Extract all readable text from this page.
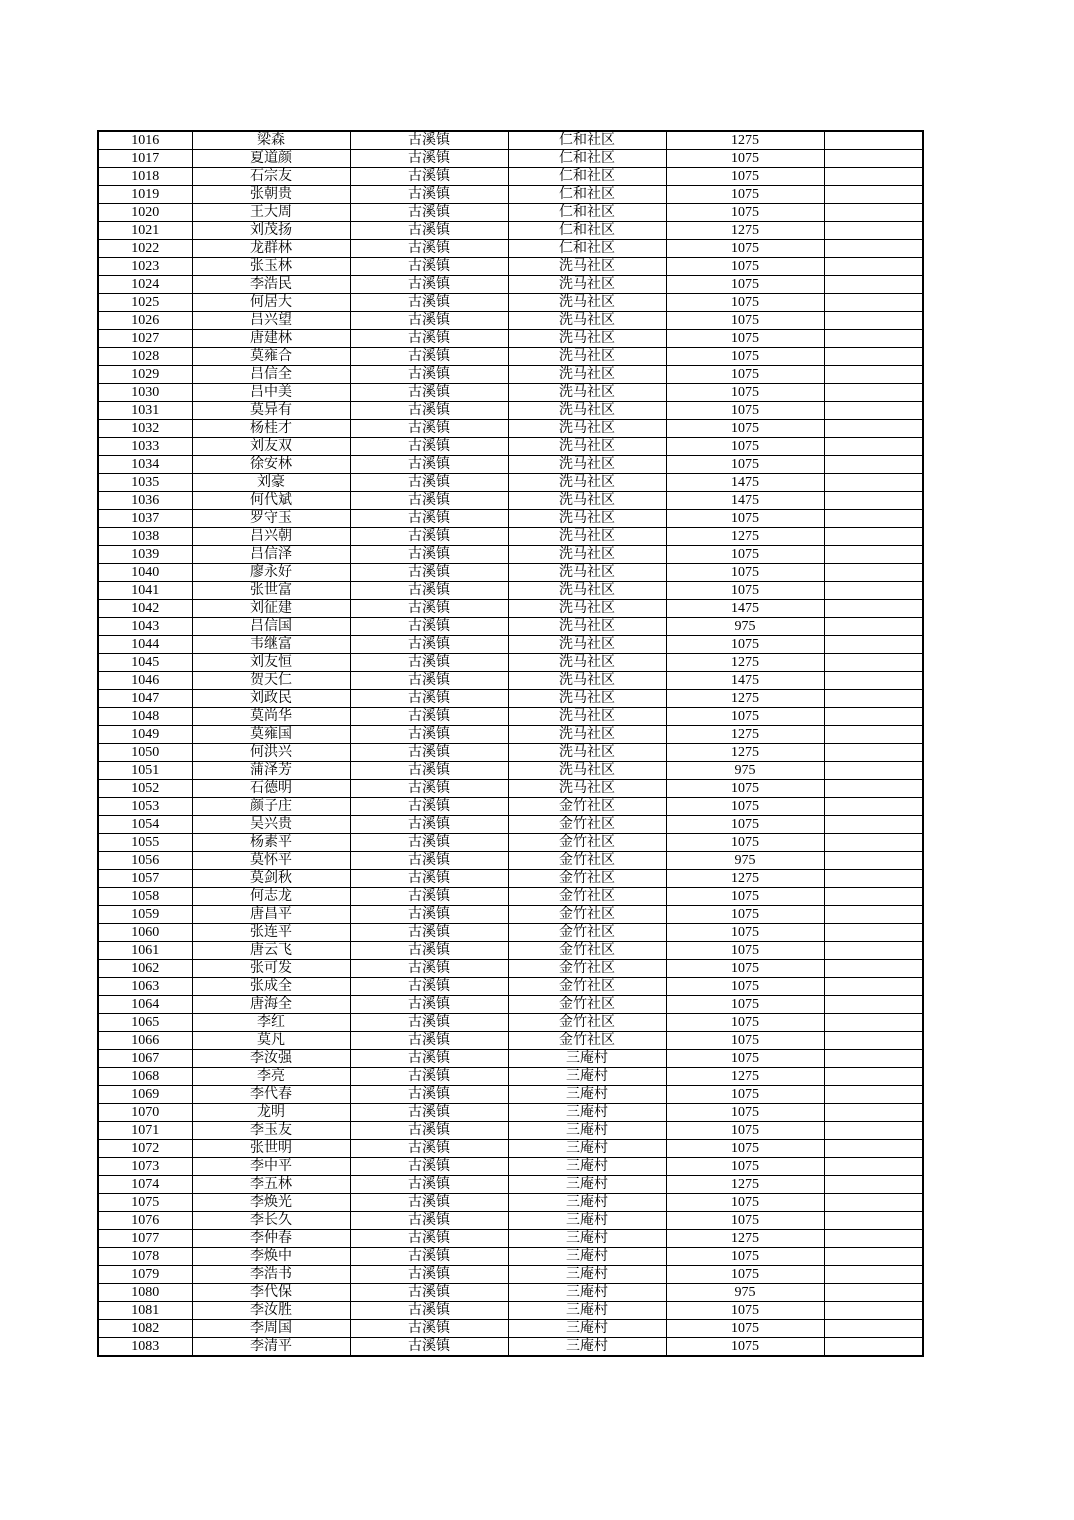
1016	梁森	古溪镇	仁和社区	1275	
1017	夏道颜	古溪镇	仁和社区	1075	
1018	石宗友	古溪镇	仁和社区	1075	
1019	张朝贵	古溪镇	仁和社区	1075	
1020	王大周	古溪镇	仁和社区	1075	
1021	刘茂扬	古溪镇	仁和社区	1275	
1022	龙群林	古溪镇	仁和社区	1075	
1023	张玉林	古溪镇	洗马社区	1075	
1024	李浩民	古溪镇	洗马社区	1075	
1025	何居大	古溪镇	洗马社区	1075	
1026	吕兴望	古溪镇	洗马社区	1075	
1027	唐建林	古溪镇	洗马社区	1075	
1028	莫雍合	古溪镇	洗马社区	1075	
1029	吕信全	古溪镇	洗马社区	1075	
1030	吕中美	古溪镇	洗马社区	1075	
1031	莫异有	古溪镇	洗马社区	1075	
1032	杨桂才	古溪镇	洗马社区	1075	
1033	刘友双	古溪镇	洗马社区	1075	
1034	徐安林	古溪镇	洗马社区	1075	
1035	刘豪	古溪镇	洗马社区	1475	
1036	何代斌	古溪镇	洗马社区	1475	
1037	罗守玉	古溪镇	洗马社区	1075	
1038	吕兴朝	古溪镇	洗马社区	1275	
1039	吕信泽	古溪镇	洗马社区	1075	
1040	廖永好	古溪镇	洗马社区	1075	
1041	张世富	古溪镇	洗马社区	1075	
1042	刘征建	古溪镇	洗马社区	1475	
1043	吕信国	古溪镇	洗马社区	975	
1044	韦继富	古溪镇	洗马社区	1075	
1045	刘友恒	古溪镇	洗马社区	1275	
1046	贺天仁	古溪镇	洗马社区	1475	
1047	刘政民	古溪镇	洗马社区	1275	
1048	莫尚华	古溪镇	洗马社区	1075	
1049	莫雍国	古溪镇	洗马社区	1275	
1050	何洪兴	古溪镇	洗马社区	1275	
1051	蒲泽芳	古溪镇	洗马社区	975	
1052	石德明	古溪镇	洗马社区	1075	
1053	颜子庄	古溪镇	金竹社区	1075	
1054	吴兴贵	古溪镇	金竹社区	1075	
1055	杨素平	古溪镇	金竹社区	1075	
1056	莫怀平	古溪镇	金竹社区	975	
1057	莫剑秋	古溪镇	金竹社区	1275	
1058	何志龙	古溪镇	金竹社区	1075	
1059	唐昌平	古溪镇	金竹社区	1075	
1060	张连平	古溪镇	金竹社区	1075	
1061	唐云飞	古溪镇	金竹社区	1075	
1062	张可发	古溪镇	金竹社区	1075	
1063	张成全	古溪镇	金竹社区	1075	
1064	唐海全	古溪镇	金竹社区	1075	
1065	李红	古溪镇	金竹社区	1075	
1066	莫凡	古溪镇	金竹社区	1075	
1067	李汝强	古溪镇	三庵村	1075	
1068	李亮	古溪镇	三庵村	1275	
1069	李代春	古溪镇	三庵村	1075	
1070	龙明	古溪镇	三庵村	1075	
1071	李玉友	古溪镇	三庵村	1075	
1072	张世明	古溪镇	三庵村	1075	
1073	李中平	古溪镇	三庵村	1075	
1074	李五林	古溪镇	三庵村	1275	
1075	李焕光	古溪镇	三庵村	1075	
1076	李长久	古溪镇	三庵村	1075	
1077	李仲春	古溪镇	三庵村	1275	
1078	李焕中	古溪镇	三庵村	1075	
1079	李浩书	古溪镇	三庵村	1075	
1080	李代保	古溪镇	三庵村	975	
1081	李汝胜	古溪镇	三庵村	1075	
1082	李周国	古溪镇	三庵村	1075	
1083	李清平	古溪镇	三庵村	1075	
